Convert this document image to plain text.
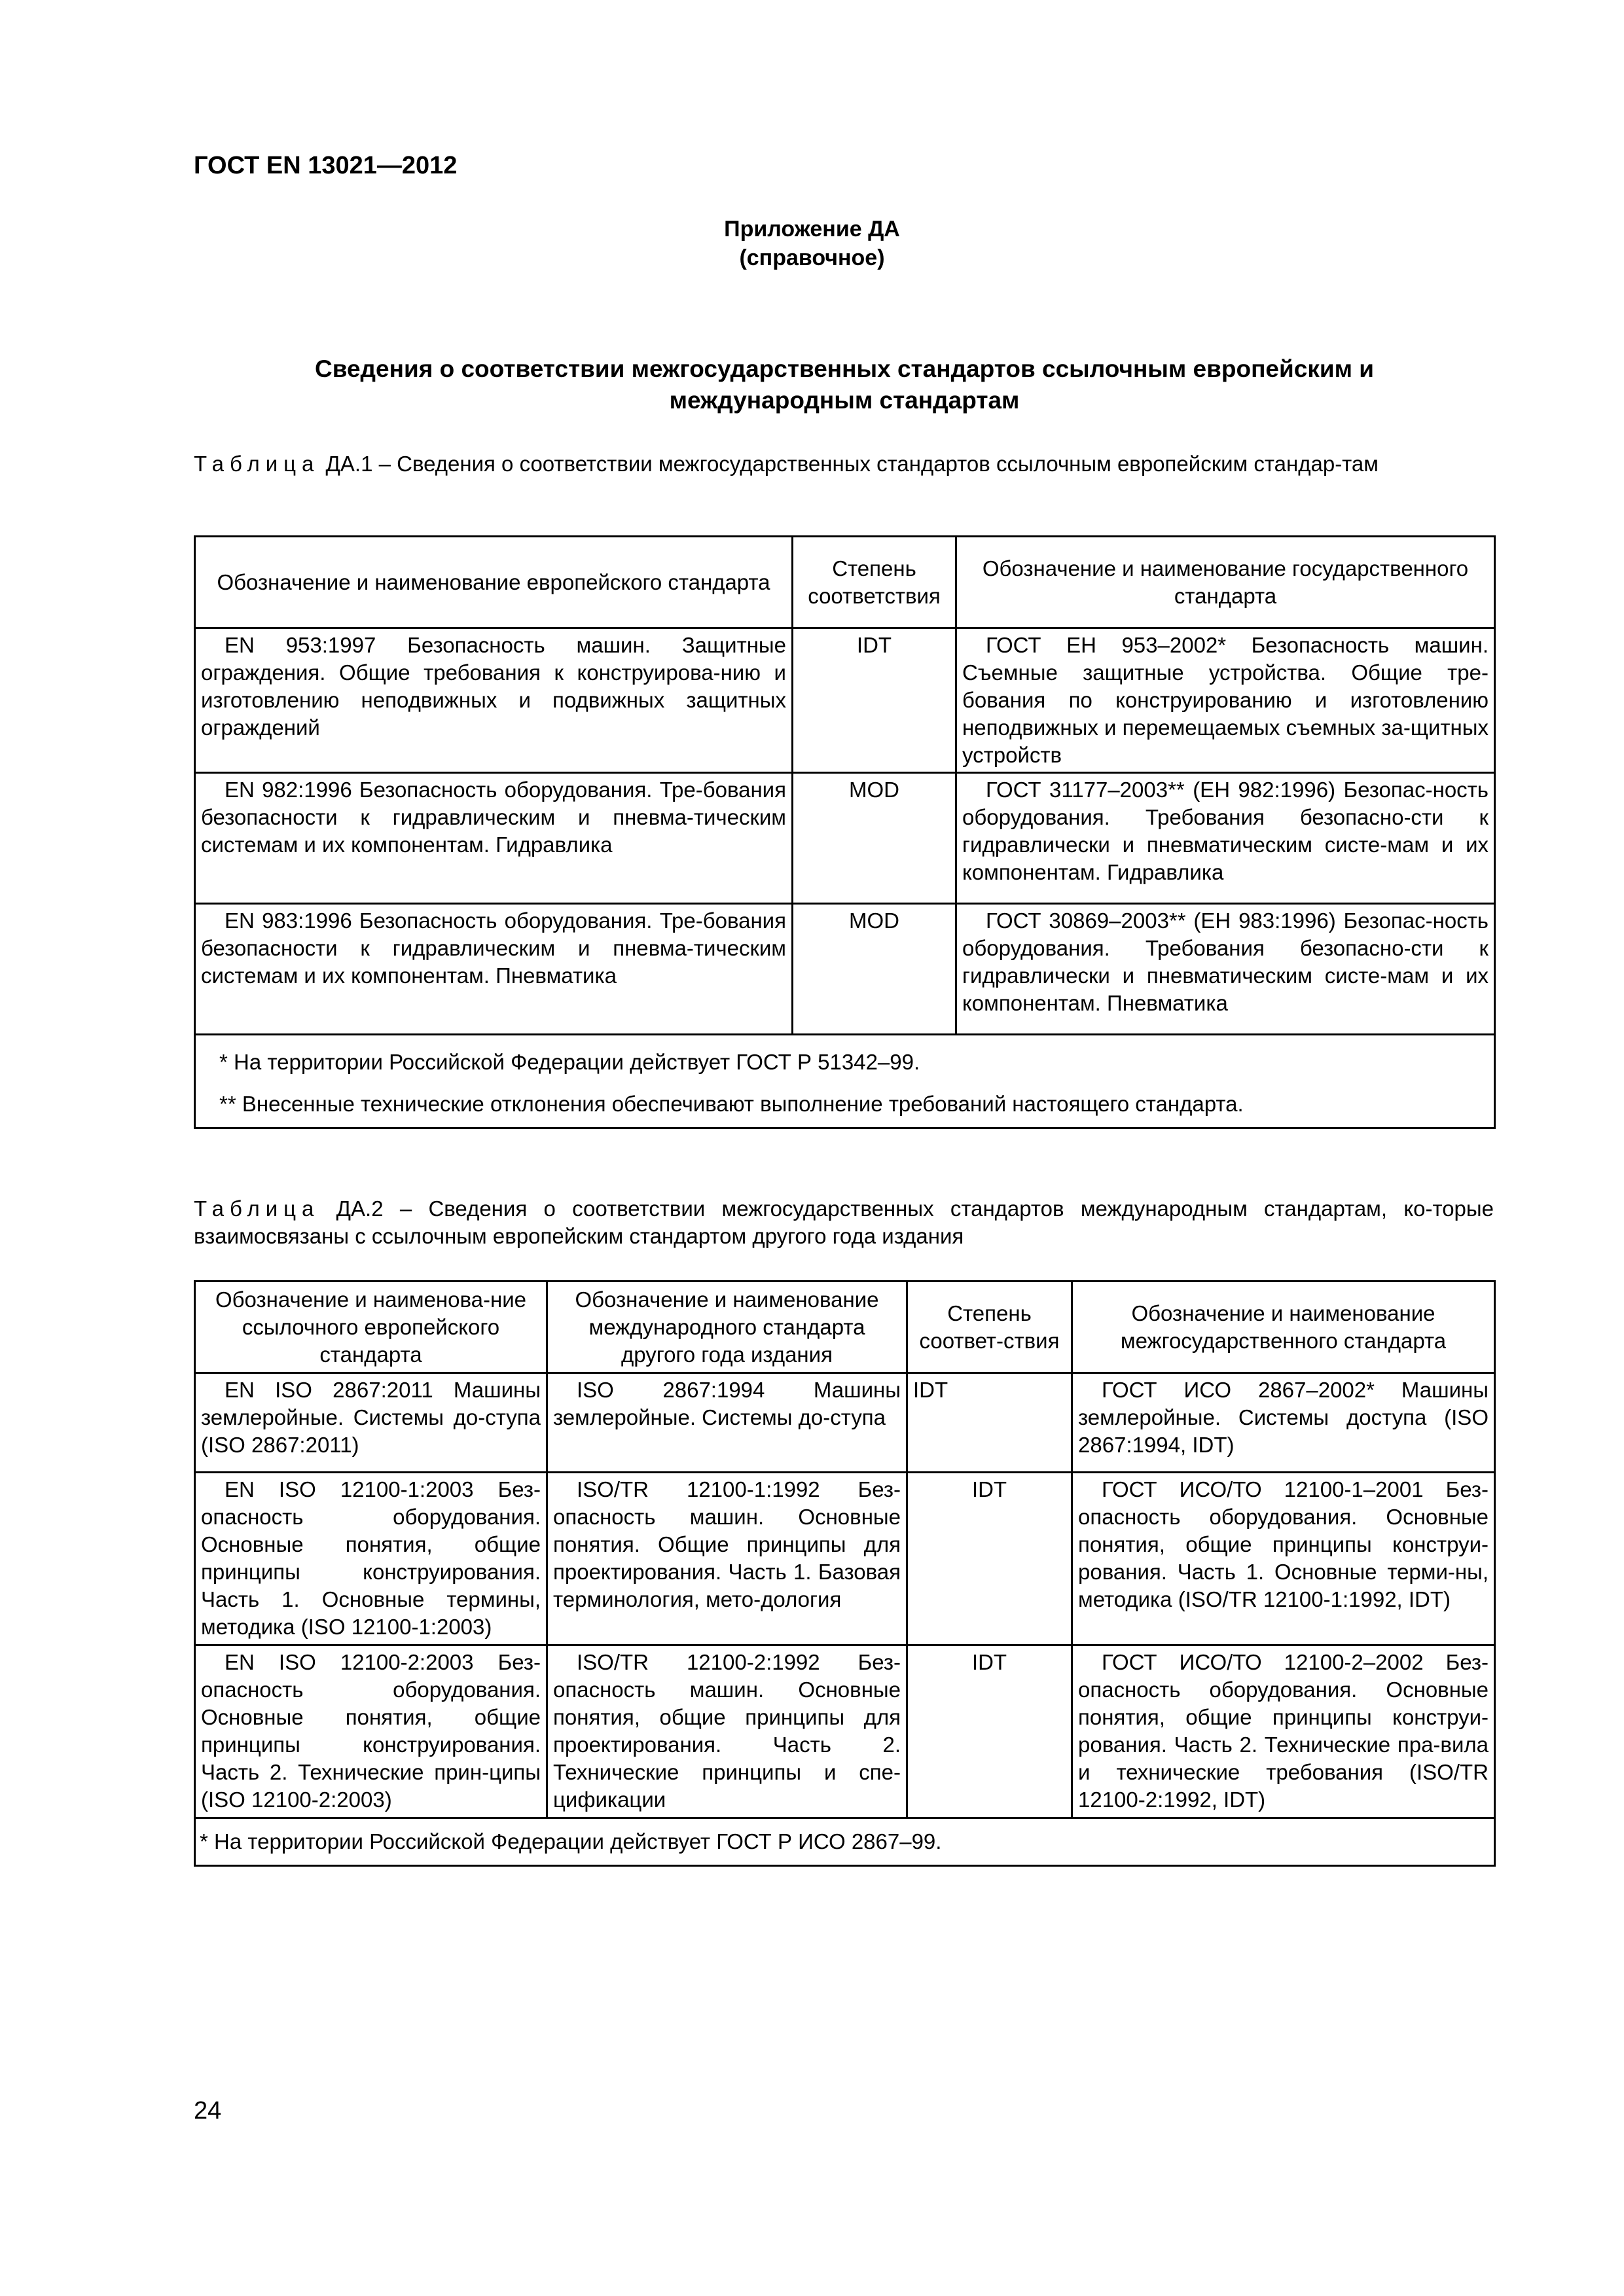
ГОСТ EN 13021—2012
Приложение ДА
(справочное)
Сведения о соответствии межгосударственных стандартов ссылочным европейским и
международным стандартам
Таблица ДА.1 – Сведения о соответствии межгосударственных стандартов ссылочным европейским стандар-там
Обозначение и наименование европейского стандарта	Степень соответствия	Обозначение и наименование государственного стандарта
EN 953:1997 Безопасность машин. Защитные ограждения. Общие требования к конструирова-нию и изготовлению неподвижных и подвижных защитных ограждений	IDT	ГОСТ ЕН 953–2002* Безопасность машин. Съемные защитные устройства. Общие тре-бования по конструированию и изготовлению неподвижных и перемещаемых съемных за-щитных устройств
EN 982:1996 Безопасность оборудования. Тре-бования безопасности к гидравлическим и пневма-тическим системам и их компонентам. Гидравлика	MOD	ГОСТ 31177–2003** (ЕН 982:1996) Безопас-ность оборудования. Требования безопасно-сти к гидравлически и пневматическим систе-мам и их компонентам. Гидравлика
EN 983:1996 Безопасность оборудования. Тре-бования безопасности к гидравлическим и пневма-тическим системам и их компонентам. Пневматика	MOD	ГОСТ 30869–2003** (ЕН 983:1996) Безопас-ность оборудования. Требования безопасно-сти к гидравлически и пневматическим систе-мам и их компонентам. Пневматика

* На территории Российской Федерации действует ГОСТ Р 51342–99.

** Внесенные технические отклонения обеспечивают выполнение требований настоящего стандарта.		

Таблица ДА.2 – Сведения о соответствии межгосударственных стандартов международным стандартам, ко-торые взаимосвязаны с ссылочным европейским стандартом другого года издания
Обозначение и наименова-ние ссылочного европейского стандарта	Обозначение и наименование международного стандарта другого года издания	Степень соответ-ствия	Обозначение и наименование межгосударственного стандарта
EN ISO 2867:2011 Машины землеройные. Системы до-ступа (ISO 2867:2011)	ISO 2867:1994 Машины землеройные. Системы до-ступа	IDT	ГОСТ ИСО 2867–2002* Машины землеройные. Системы доступа (ISO 2867:1994, IDT)
EN ISO 12100-1:2003 Без-опасность оборудования. Основные понятия, общие принципы конструирования. Часть 1. Основные термины, методика (ISO 12100-1:2003)	ISO/TR 12100-1:1992 Без-опасность машин. Основные понятия. Общие принципы для проектирования. Часть 1. Базовая терминология, мето-дология	IDT	ГОСТ ИСО/ТО 12100-1–2001 Без-опасность оборудования. Основные понятия, общие принципы конструи-рования. Часть 1. Основные терми-ны, методика (ISO/TR 12100-1:1992, IDT)
EN ISO 12100-2:2003 Без-опасность оборудования. Основные понятия, общие принципы конструирования. Часть 2. Технические прин-ципы (ISO 12100-2:2003)	ISO/TR 12100-2:1992 Без-опасность машин. Основные понятия, общие принципы для проектирования. Часть 2. Технические принципы и спе-цификации	IDT	ГОСТ ИСО/ТО 12100-2–2002 Без-опасность оборудования. Основные понятия, общие принципы конструи-рования. Часть 2. Технические пра-вила и технические требования (ISO/TR 12100-2:1992, IDT)
* На территории Российской Федерации действует ГОСТ Р ИСО 2867–99.			
24
